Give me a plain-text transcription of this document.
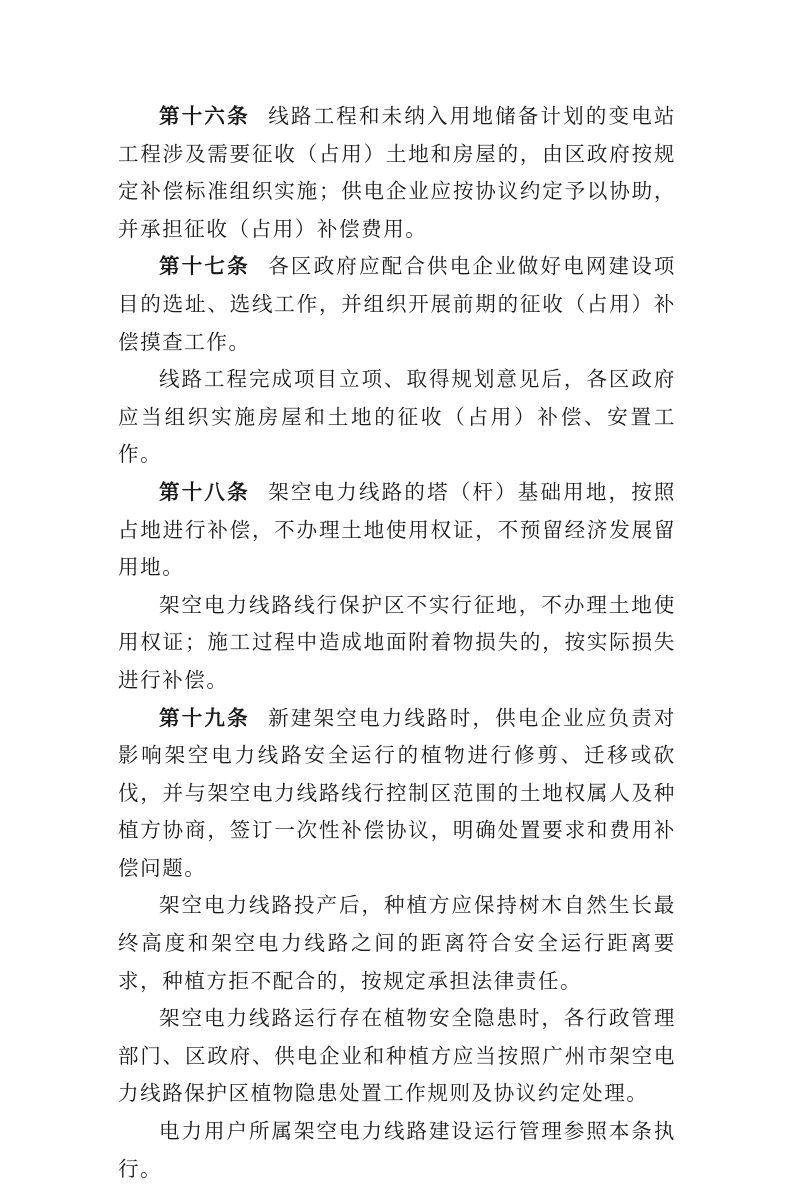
第十六条 线路工程和未纳入用地储备计划的变电站工程涉及需要征收（占用）土地和房屋的，由区政府按规定补偿标准组织实施；供电企业应按协议约定予以协助，并承担征收（占用）补偿费用。

第十七条 各区政府应配合供电企业做好电网建设项目的选址、选线工作，并组织开展前期的征收（占用）补偿摸查工作。

线路工程完成项目立项、取得规划意见后，各区政府应当组织实施房屋和土地的征收（占用）补偿、安置工作。

第十八条 架空电力线路的塔（杆）基础用地，按照占地进行补偿，不办理土地使用权证，不预留经济发展留用地。

架空电力线路线行保护区不实行征地，不办理土地使用权证；施工过程中造成地面附着物损失的，按实际损失进行补偿。

第十九条 新建架空电力线路时，供电企业应负责对影响架空电力线路安全运行的植物进行修剪、迁移或砍伐，并与架空电力线路线行控制区范围的土地权属人及种植方协商，签订一次性补偿协议，明确处置要求和费用补偿问题。

架空电力线路投产后，种植方应保持树木自然生长最终高度和架空电力线路之间的距离符合安全运行距离要求，种植方拒不配合的，按规定承担法律责任。

架空电力线路运行存在植物安全隐患时，各行政管理部门、区政府、供电企业和种植方应当按照广州市架空电力线路保护区植物隐患处置工作规则及协议约定处理。

电力用户所属架空电力线路建设运行管理参照本条执行。
